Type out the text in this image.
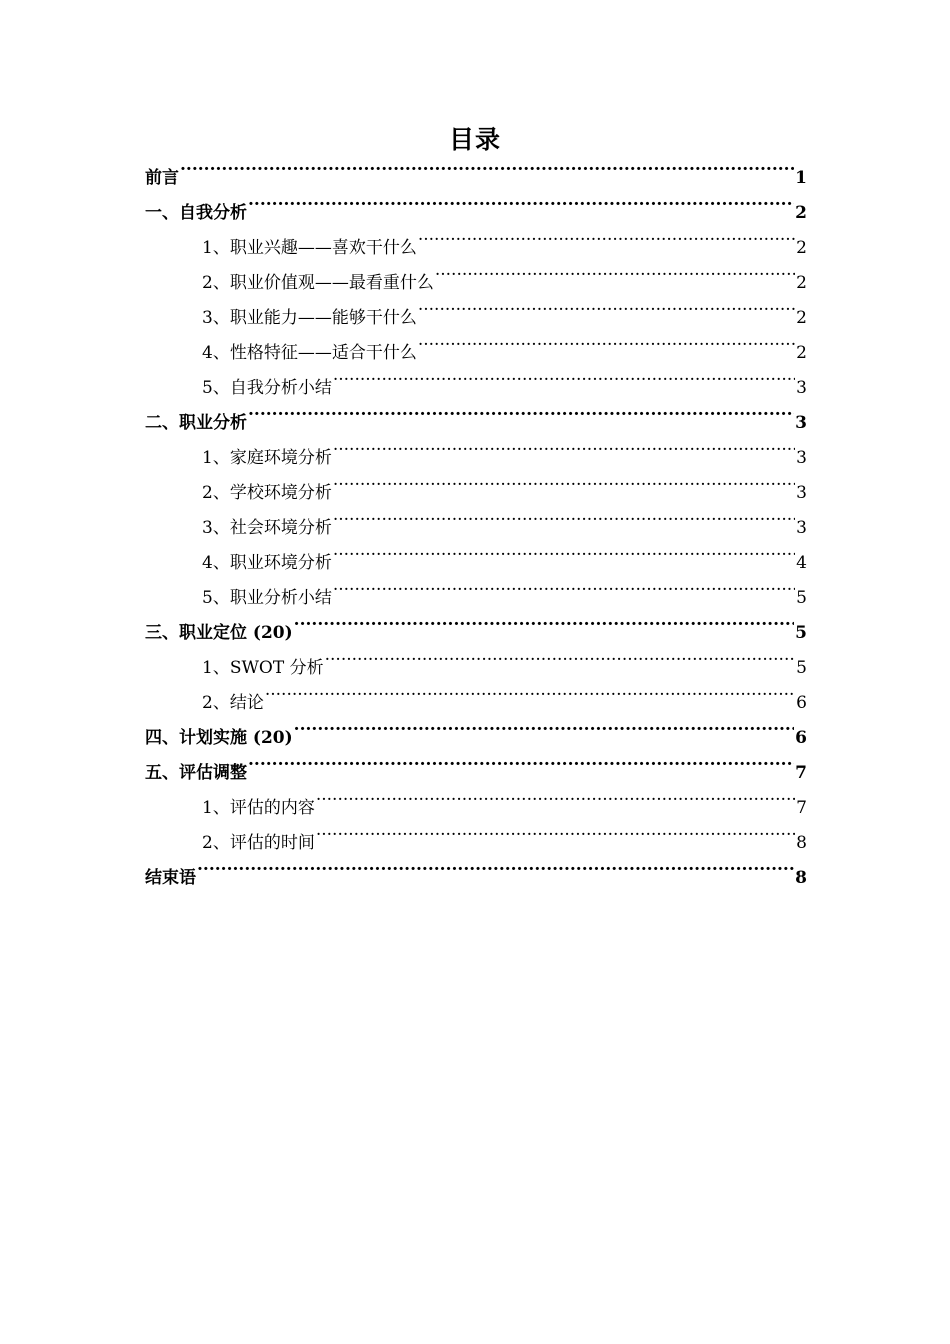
目录
前言 .....	1
一、自我分析 .....	2
1、职业兴趣——喜欢干什么 .....	2
2、职业价值观——最看重什么 .....	2
3、职业能力——能够干什么 .....	2
4、性格特征——适合干什么 .....	2
5、自我分析小结 .....	3
二、职业分析 .....	3
1、家庭环境分析 .....	3
2、学校环境分析 .....	3
3、社会环境分析 .....	3
4、职业环境分析 .....	4
5、职业分析小结 .....	5
三、职业定位 (20) .....	5
1、SWOT 分析 .....	5
2、结论 .....	6
四、计划实施 (20) .....	6
五、评估调整 .....	7
1、评估的内容 .....	7
2、评估的时间 .....	8
结束语 .....	8
